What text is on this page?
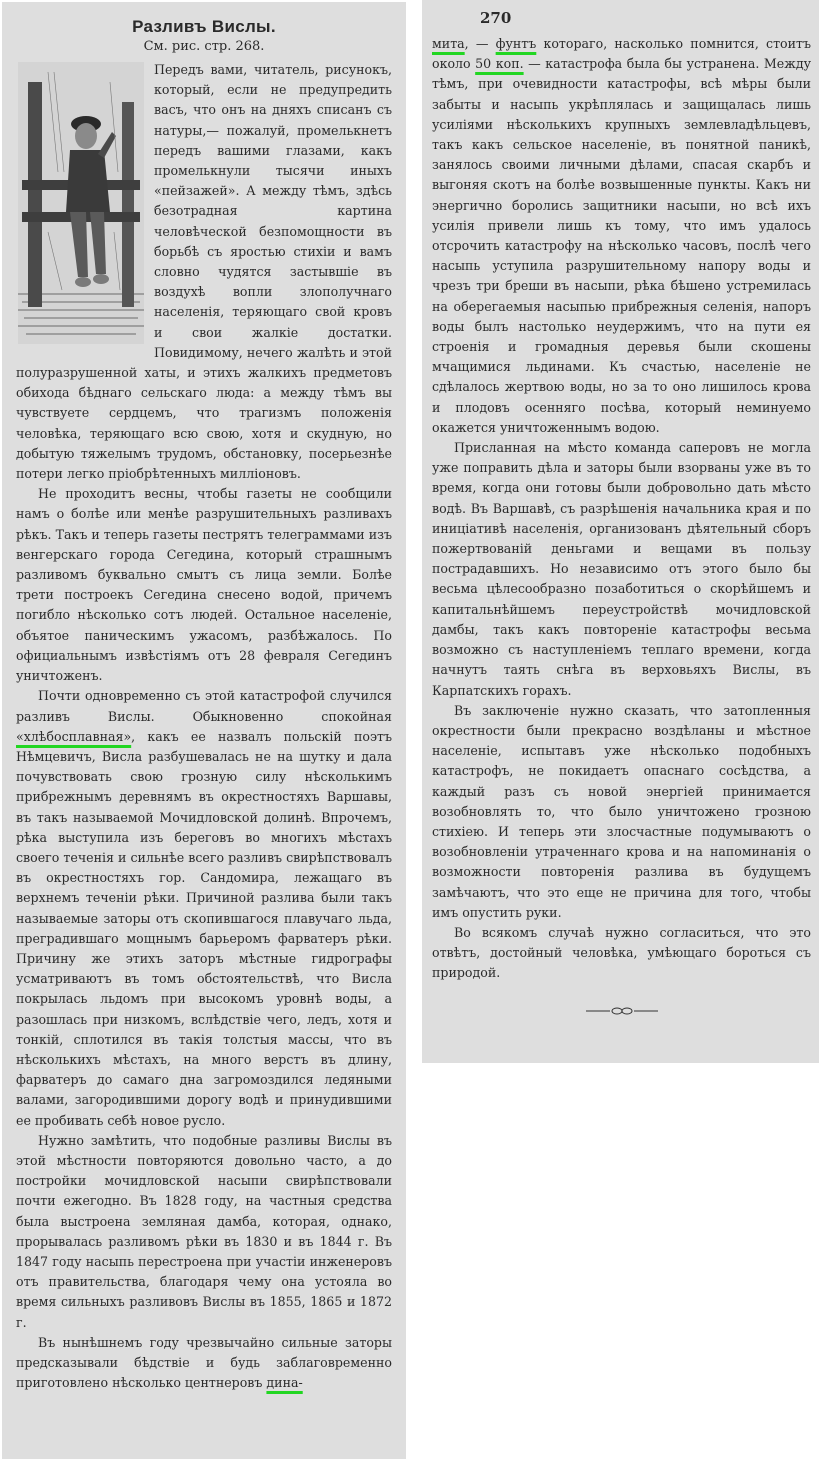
Разливъ Вислы.
См. рис. стр. 268.

Передъ вами, читатель, рисунокъ, который, если не предупредить васъ, что онъ на дняхъ списанъ съ натуры,— пожалуй, промелькнетъ передъ вашими глазами, какъ промелькнули тысячи иныхъ «пейзажей». А между тѣмъ, здѣсь безотрадная картина человѣческой безпомощности въ борьбѣ съ яростью стихіи и вамъ словно чудятся застывшіе въ воздухѣ вопли злополучнаго населенія, теряющаго свой кровъ и свои жалкіе достатки. Повидимому, нечего жалѣть и этой полуразрушенной хаты, и этихъ жалкихъ предметовъ обихода бѣднаго сельскаго люда: а между тѣмъ вы чувствуете сердцемъ, что трагизмъ положенія человѣка, теряющаго всю свою, хотя и скудную, но добытую тяжелымъ трудомъ, обстановку, посерьезнѣе потери легко пріобрѣтенныхъ милліоновъ.

Не проходитъ весны, чтобы газеты не сообщили намъ о болѣе или менѣе разрушительныхъ разливахъ рѣкъ. Такъ и теперь газеты пестрятъ телеграммами изъ венгерскаго города Сегедина, который страшнымъ разливомъ буквально смытъ съ лица земли. Болѣе трети построекъ Сегедина снесено водой, причемъ погибло нѣсколько сотъ людей. Остальное населеніе, объятое паническимъ ужасомъ, разбѣжалось. По официальнымъ извѣстіямъ отъ 28 февраля Сегединъ уничтоженъ.

Почти одновременно съ этой катастрофой случился разливъ Вислы. Обыкновенно спокойная «хлѣбосплавная», какъ ее назвалъ польскій поэтъ Нѣмцевичъ, Висла разбушевалась не на шутку и дала почувствовать свою грозную силу нѣсколькимъ прибрежнымъ деревнямъ въ окрестностяхъ Варшавы, въ такъ называемой Мочидловской долинѣ. Впрочемъ, рѣка выступила изъ береговъ во многихъ мѣстахъ своего теченія и сильнѣе всего разливъ свирѣпствовалъ въ окрестностяхъ гор. Сандомира, лежащаго въ верхнемъ теченіи рѣки. Причиной разлива были такъ называемые заторы отъ скопившагося плавучаго льда, преградившаго мощнымъ барьеромъ фарватеръ рѣки. Причину же этихъ заторъ мѣстные гидрографы усматриваютъ въ томъ обстоятельствѣ, что Висла покрылась льдомъ при высокомъ уровнѣ воды, а разошлась при низкомъ, вслѣдствіе чего, ледъ, хотя и тонкій, сплотился въ такія толстыя массы, что въ нѣсколькихъ мѣстахъ, на много верстъ въ длину, фарватеръ до самаго дна загромоздился ледяными валами, загородившими дорогу водѣ и принудившими ее пробивать себѣ новое русло.

Нужно замѣтить, что подобные разливы Вислы въ этой мѣстности повторяются довольно часто, а до постройки мочидловской насыпи свирѣпствовали почти ежегодно. Въ 1828 году, на частныя средства была выстроена земляная дамба, которая, однако, прорывалась разливомъ рѣки въ 1830 и въ 1844 г. Въ 1847 году насыпь перестроена при участіи инженеровъ отъ правительства, благодаря чему она устояла во время сильныхъ разливовъ Вислы въ 1855, 1865 и 1872 г.

Въ нынѣшнемъ году чрезвычайно сильные заторы предсказывали бѣдствіе и будь заблаговременно приготовлено нѣсколько центнеровъ дина-

270

мита, — фунтъ котораго, насколько помнится, стоитъ около 50 коп. — катастрофа была бы устранена. Между тѣмъ, при очевидности катастрофы, всѣ мѣры были забыты и насыпь укрѣплялась и защищалась лишь усиліями нѣсколькихъ крупныхъ землевладѣльцевъ, такъ какъ сельское населеніе, въ понятной паникѣ, занялось своими личными дѣлами, спасая скарбъ и выгоняя скотъ на болѣе возвышенные пункты. Какъ ни энергично боролись защитники насыпи, но всѣ ихъ усилія привели лишь къ тому, что имъ удалось отсрочить катастрофу на нѣсколько часовъ, послѣ чего насыпь уступила разрушительному напору воды и чрезъ три бреши въ насыпи, рѣка бѣшено устремилась на оберегаемыя насыпью прибрежныя селенія, напоръ воды былъ настолько неудержимъ, что на пути ея строенія и громадныя деревья были скошены мчащимися льдинами. Къ счастью, населеніе не сдѣлалось жертвою воды, но за то оно лишилось крова и плодовъ осенняго посѣва, который неминуемо окажется уничтоженнымъ водою.

Присланная на мѣсто команда саперовъ не могла уже поправить дѣла и заторы были взорваны уже въ то время, когда они готовы были добровольно дать мѣсто водѣ. Въ Варшавѣ, съ разрѣшенія начальника края и по иниціативѣ населенія, организованъ дѣятельный сборъ пожертвованій деньгами и вещами въ пользу пострадавшихъ. Но независимо отъ этого было бы весьма цѣлесообразно позаботиться о скорѣйшемъ и капитальнѣйшемъ переустройствѣ мочидловской дамбы, такъ какъ повтореніе катастрофы весьма возможно съ наступленіемъ теплаго времени, когда начнутъ таять снѣга въ верховьяхъ Вислы, въ Карпатскихъ горахъ.

Въ заключеніе нужно сказать, что затопленныя окрестности были прекрасно воздѣланы и мѣстное населеніе, испытавъ уже нѣсколько подобныхъ катастрофъ, не покидаетъ опаснаго сосѣдства, а каждый разъ съ новой энергіей принимается возобновлять то, что было уничтожено грозною стихіею. И теперь эти злосчастные подумываютъ о возобновленіи утраченнаго крова и на напоминанія о возможности повторенія разлива въ будущемъ замѣчаютъ, что это еще не причина для того, чтобы имъ опустить руки.

Во всякомъ случаѣ нужно согласиться, что это отвѣтъ, достойный человѣка, умѣющаго бороться съ природой.
